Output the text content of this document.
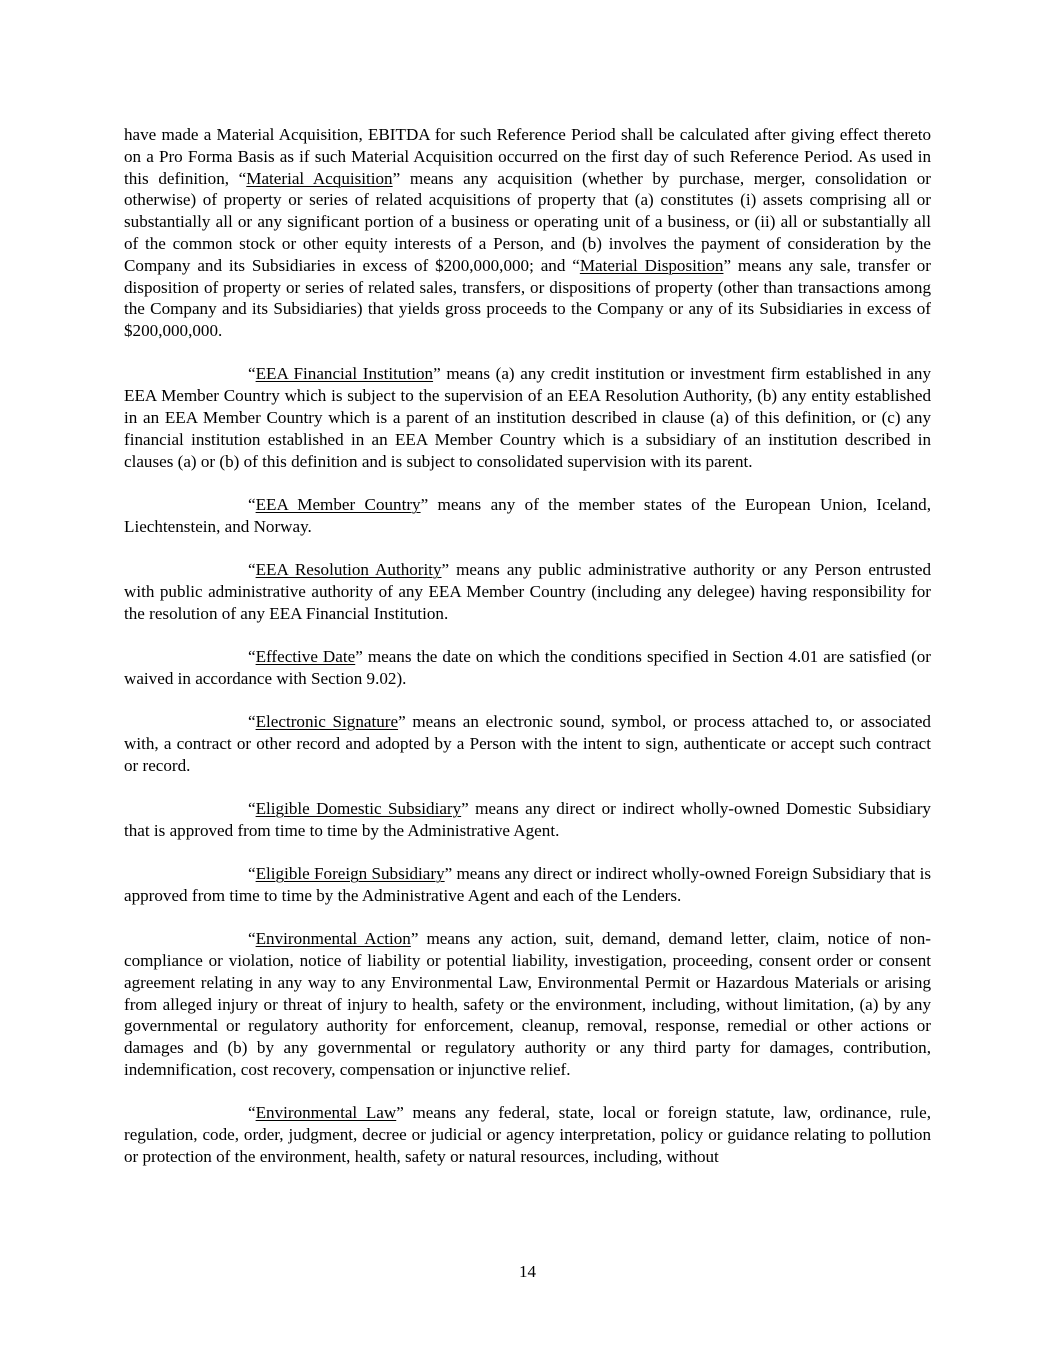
have made a Material Acquisition, EBITDA for such Reference Period shall be calculated after giving effect thereto on a Pro Forma Basis as if such Material Acquisition occurred on the first day of such Reference Period. As used in this definition, “Material Acquisition” means any acquisition (whether by purchase, merger, consolidation or otherwise) of property or series of related acquisitions of property that (a) constitutes (i) assets comprising all or substantially all or any significant portion of a business or operating unit of a business, or (ii) all or substantially all of the common stock or other equity interests of a Person, and (b) involves the payment of consideration by the Company and its Subsidiaries in excess of $200,000,000; and “Material Disposition” means any sale, transfer or disposition of property or series of related sales, transfers, or dispositions of property (other than transactions among the Company and its Subsidiaries) that yields gross proceeds to the Company or any of its Subsidiaries in excess of $200,000,000.

“EEA Financial Institution” means (a) any credit institution or investment firm established in any EEA Member Country which is subject to the supervision of an EEA Resolution Authority, (b) any entity established in an EEA Member Country which is a parent of an institution described in clause (a) of this definition, or (c) any financial institution established in an EEA Member Country which is a subsidiary of an institution described in clauses (a) or (b) of this definition and is subject to consolidated supervision with its parent.

“EEA Member Country” means any of the member states of the European Union, Iceland, Liechtenstein, and Norway.

“EEA Resolution Authority” means any public administrative authority or any Person entrusted with public administrative authority of any EEA Member Country (including any delegee) having responsibility for the resolution of any EEA Financial Institution.

“Effective Date” means the date on which the conditions specified in Section 4.01 are satisfied (or waived in accordance with Section 9.02).

“Electronic Signature” means an electronic sound, symbol, or process attached to, or associated with, a contract or other record and adopted by a Person with the intent to sign, authenticate or accept such contract or record.

“Eligible Domestic Subsidiary” means any direct or indirect wholly-owned Domestic Subsidiary that is approved from time to time by the Administrative Agent.

“Eligible Foreign Subsidiary” means any direct or indirect wholly-owned Foreign Subsidiary that is approved from time to time by the Administrative Agent and each of the Lenders.

“Environmental Action” means any action, suit, demand, demand letter, claim, notice of non-compliance or violation, notice of liability or potential liability, investigation, proceeding, consent order or consent agreement relating in any way to any Environmental Law, Environmental Permit or Hazardous Materials or arising from alleged injury or threat of injury to health, safety or the environment, including, without limitation, (a) by any governmental or regulatory authority for enforcement, cleanup, removal, response, remedial or other actions or damages and (b) by any governmental or regulatory authority or any third party for damages, contribution, indemnification, cost recovery, compensation or injunctive relief.

“Environmental Law” means any federal, state, local or foreign statute, law, ordinance, rule, regulation, code, order, judgment, decree or judicial or agency interpretation, policy or guidance relating to pollution or protection of the environment, health, safety or natural resources, including, without

14
